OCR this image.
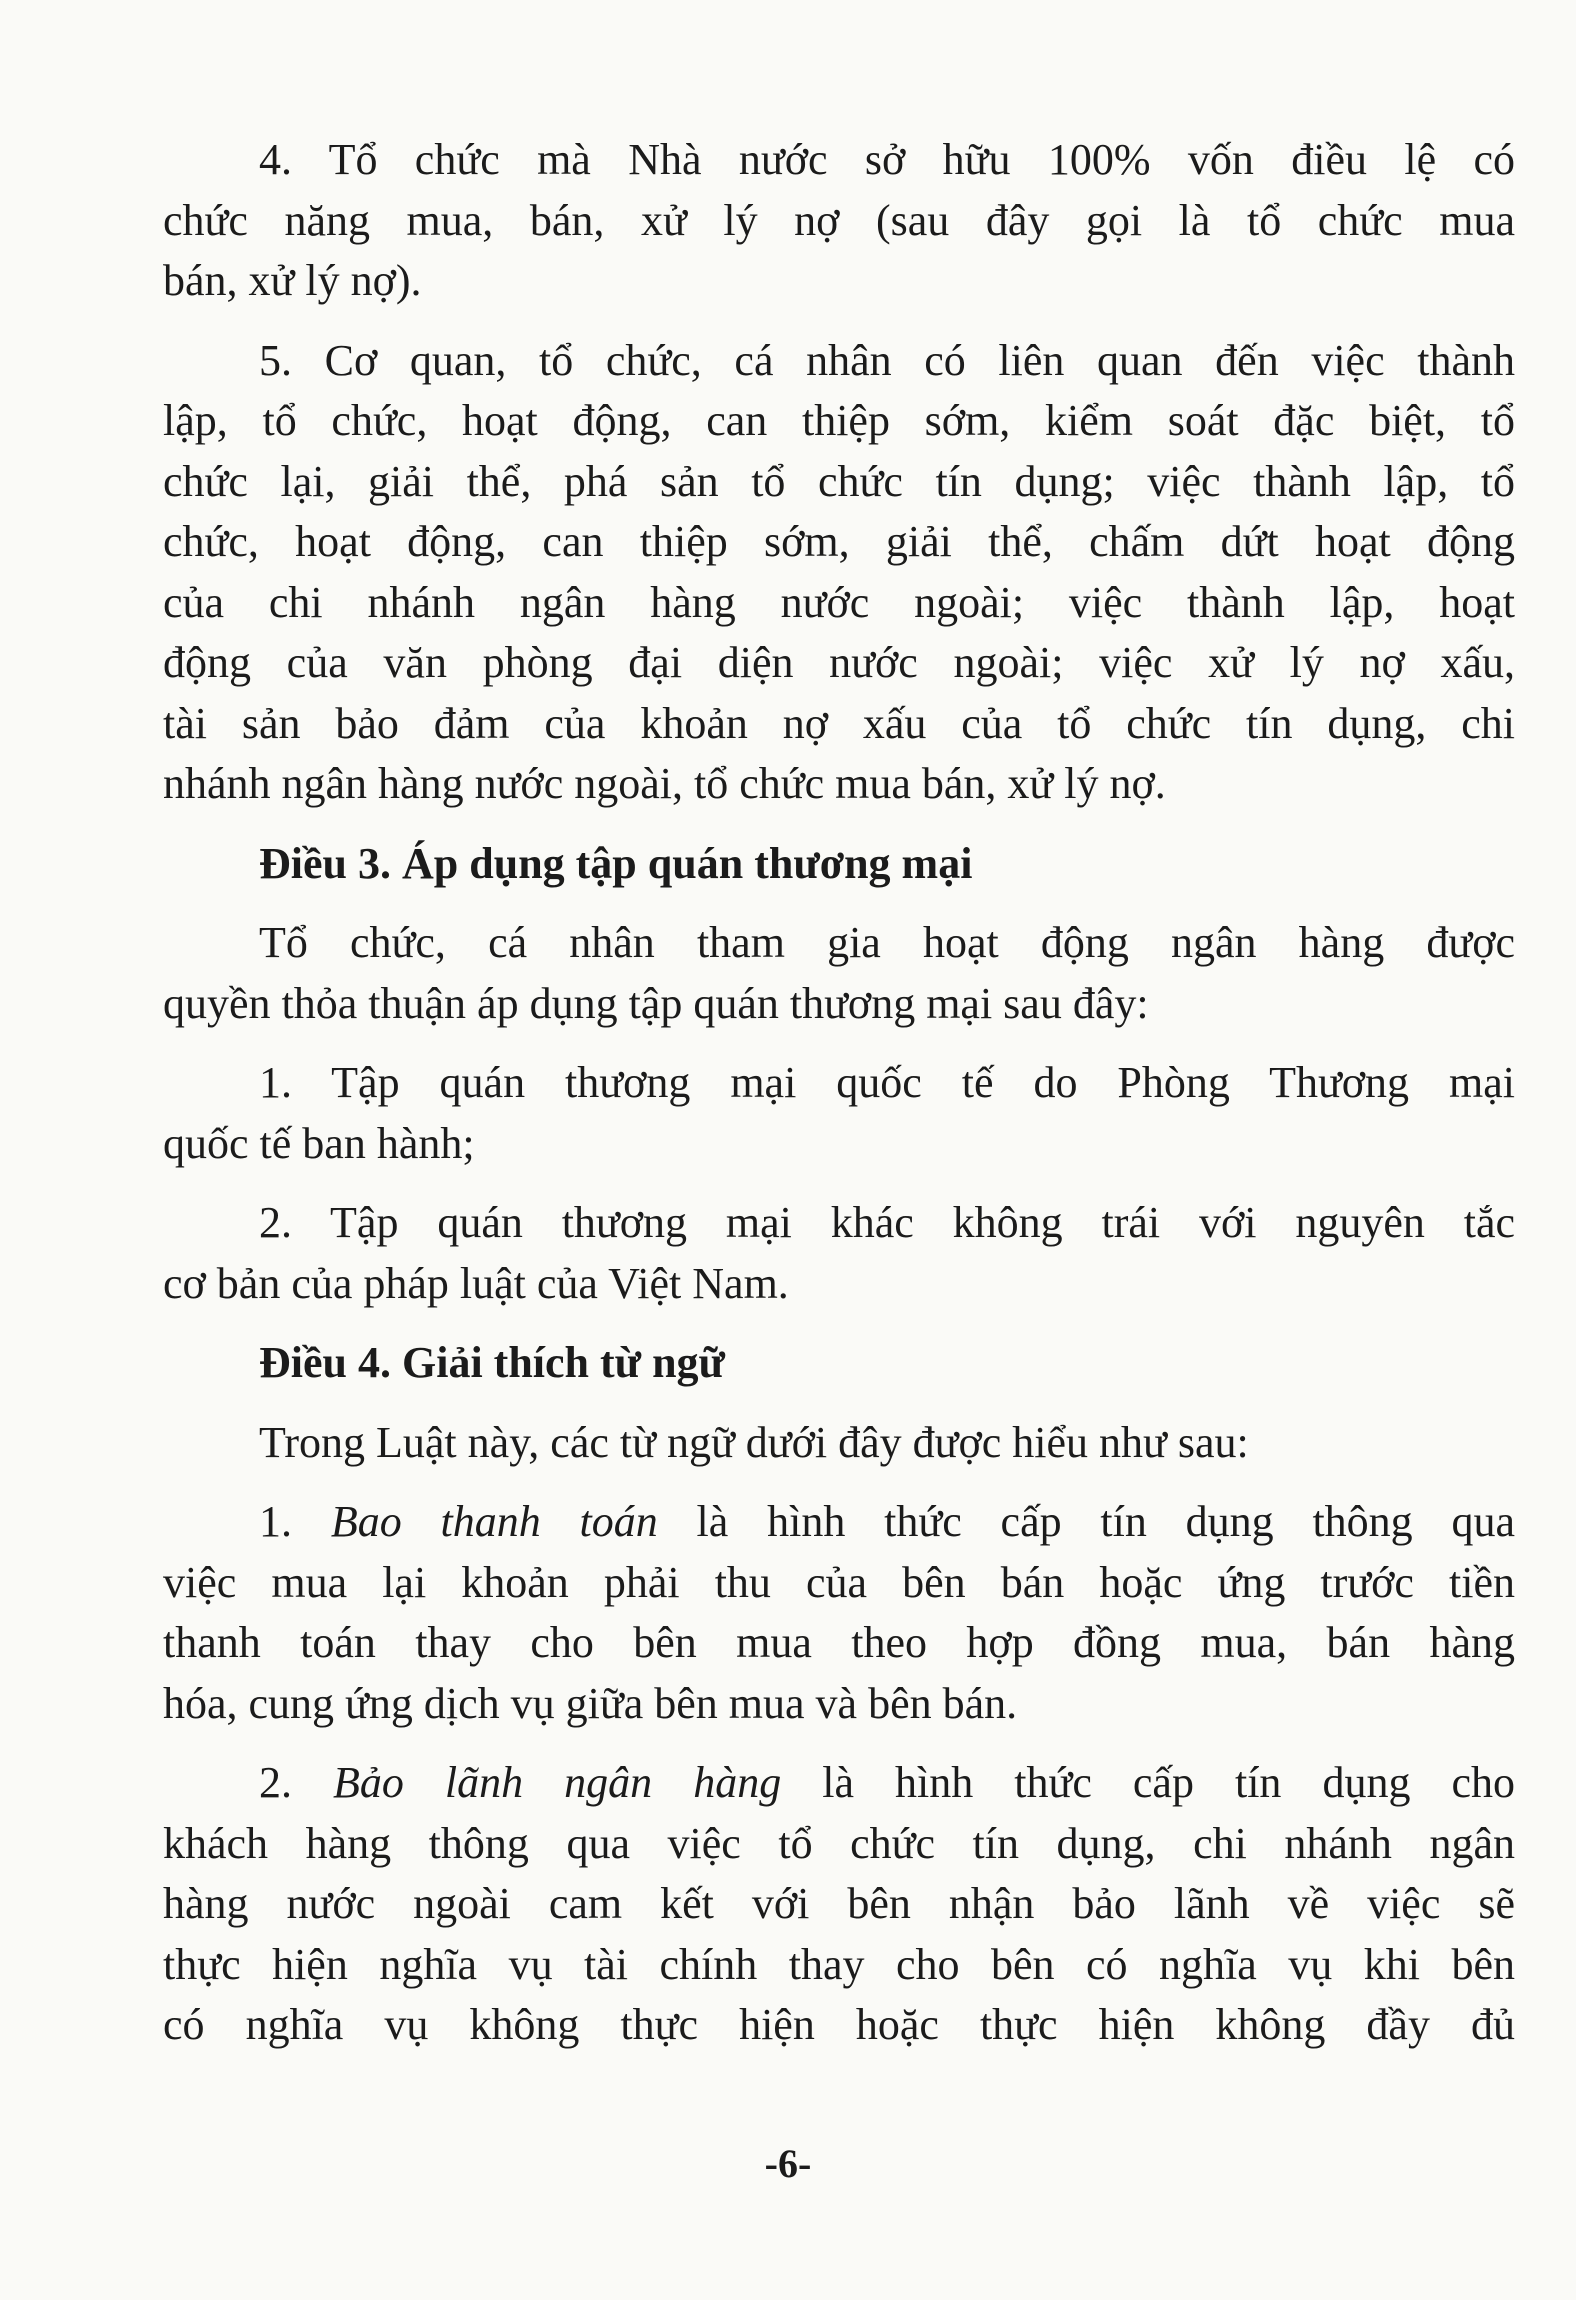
4. Tổ chức mà Nhà nước sở hữu 100% vốn điều lệ có
chức năng mua, bán, xử lý nợ (sau đây gọi là tổ chức mua
bán, xử lý nợ).
5. Cơ quan, tổ chức, cá nhân có liên quan đến việc thành
lập, tổ chức, hoạt động, can thiệp sớm, kiểm soát đặc biệt, tổ
chức lại, giải thể, phá sản tổ chức tín dụng; việc thành lập, tổ
chức, hoạt động, can thiệp sớm, giải thể, chấm dứt hoạt động
của chi nhánh ngân hàng nước ngoài; việc thành lập, hoạt
động của văn phòng đại diện nước ngoài; việc xử lý nợ xấu,
tài sản bảo đảm của khoản nợ xấu của tổ chức tín dụng, chi
nhánh ngân hàng nước ngoài, tổ chức mua bán, xử lý nợ.
Điều 3. Áp dụng tập quán thương mại
Tổ chức, cá nhân tham gia hoạt động ngân hàng được
quyền thỏa thuận áp dụng tập quán thương mại sau đây:
1. Tập quán thương mại quốc tế do Phòng Thương mại
quốc tế ban hành;
2. Tập quán thương mại khác không trái với nguyên tắc
cơ bản của pháp luật của Việt Nam.
Điều 4. Giải thích từ ngữ
Trong Luật này, các từ ngữ dưới đây được hiểu như sau:
1. Bao thanh toán là hình thức cấp tín dụng thông qua
việc mua lại khoản phải thu của bên bán hoặc ứng trước tiền
thanh toán thay cho bên mua theo hợp đồng mua, bán hàng
hóa, cung ứng dịch vụ giữa bên mua và bên bán.
2. Bảo lãnh ngân hàng là hình thức cấp tín dụng cho
khách hàng thông qua việc tổ chức tín dụng, chi nhánh ngân
hàng nước ngoài cam kết với bên nhận bảo lãnh về việc sẽ
thực hiện nghĩa vụ tài chính thay cho bên có nghĩa vụ khi bên
có nghĩa vụ không thực hiện hoặc thực hiện không đầy đủ
-6-
